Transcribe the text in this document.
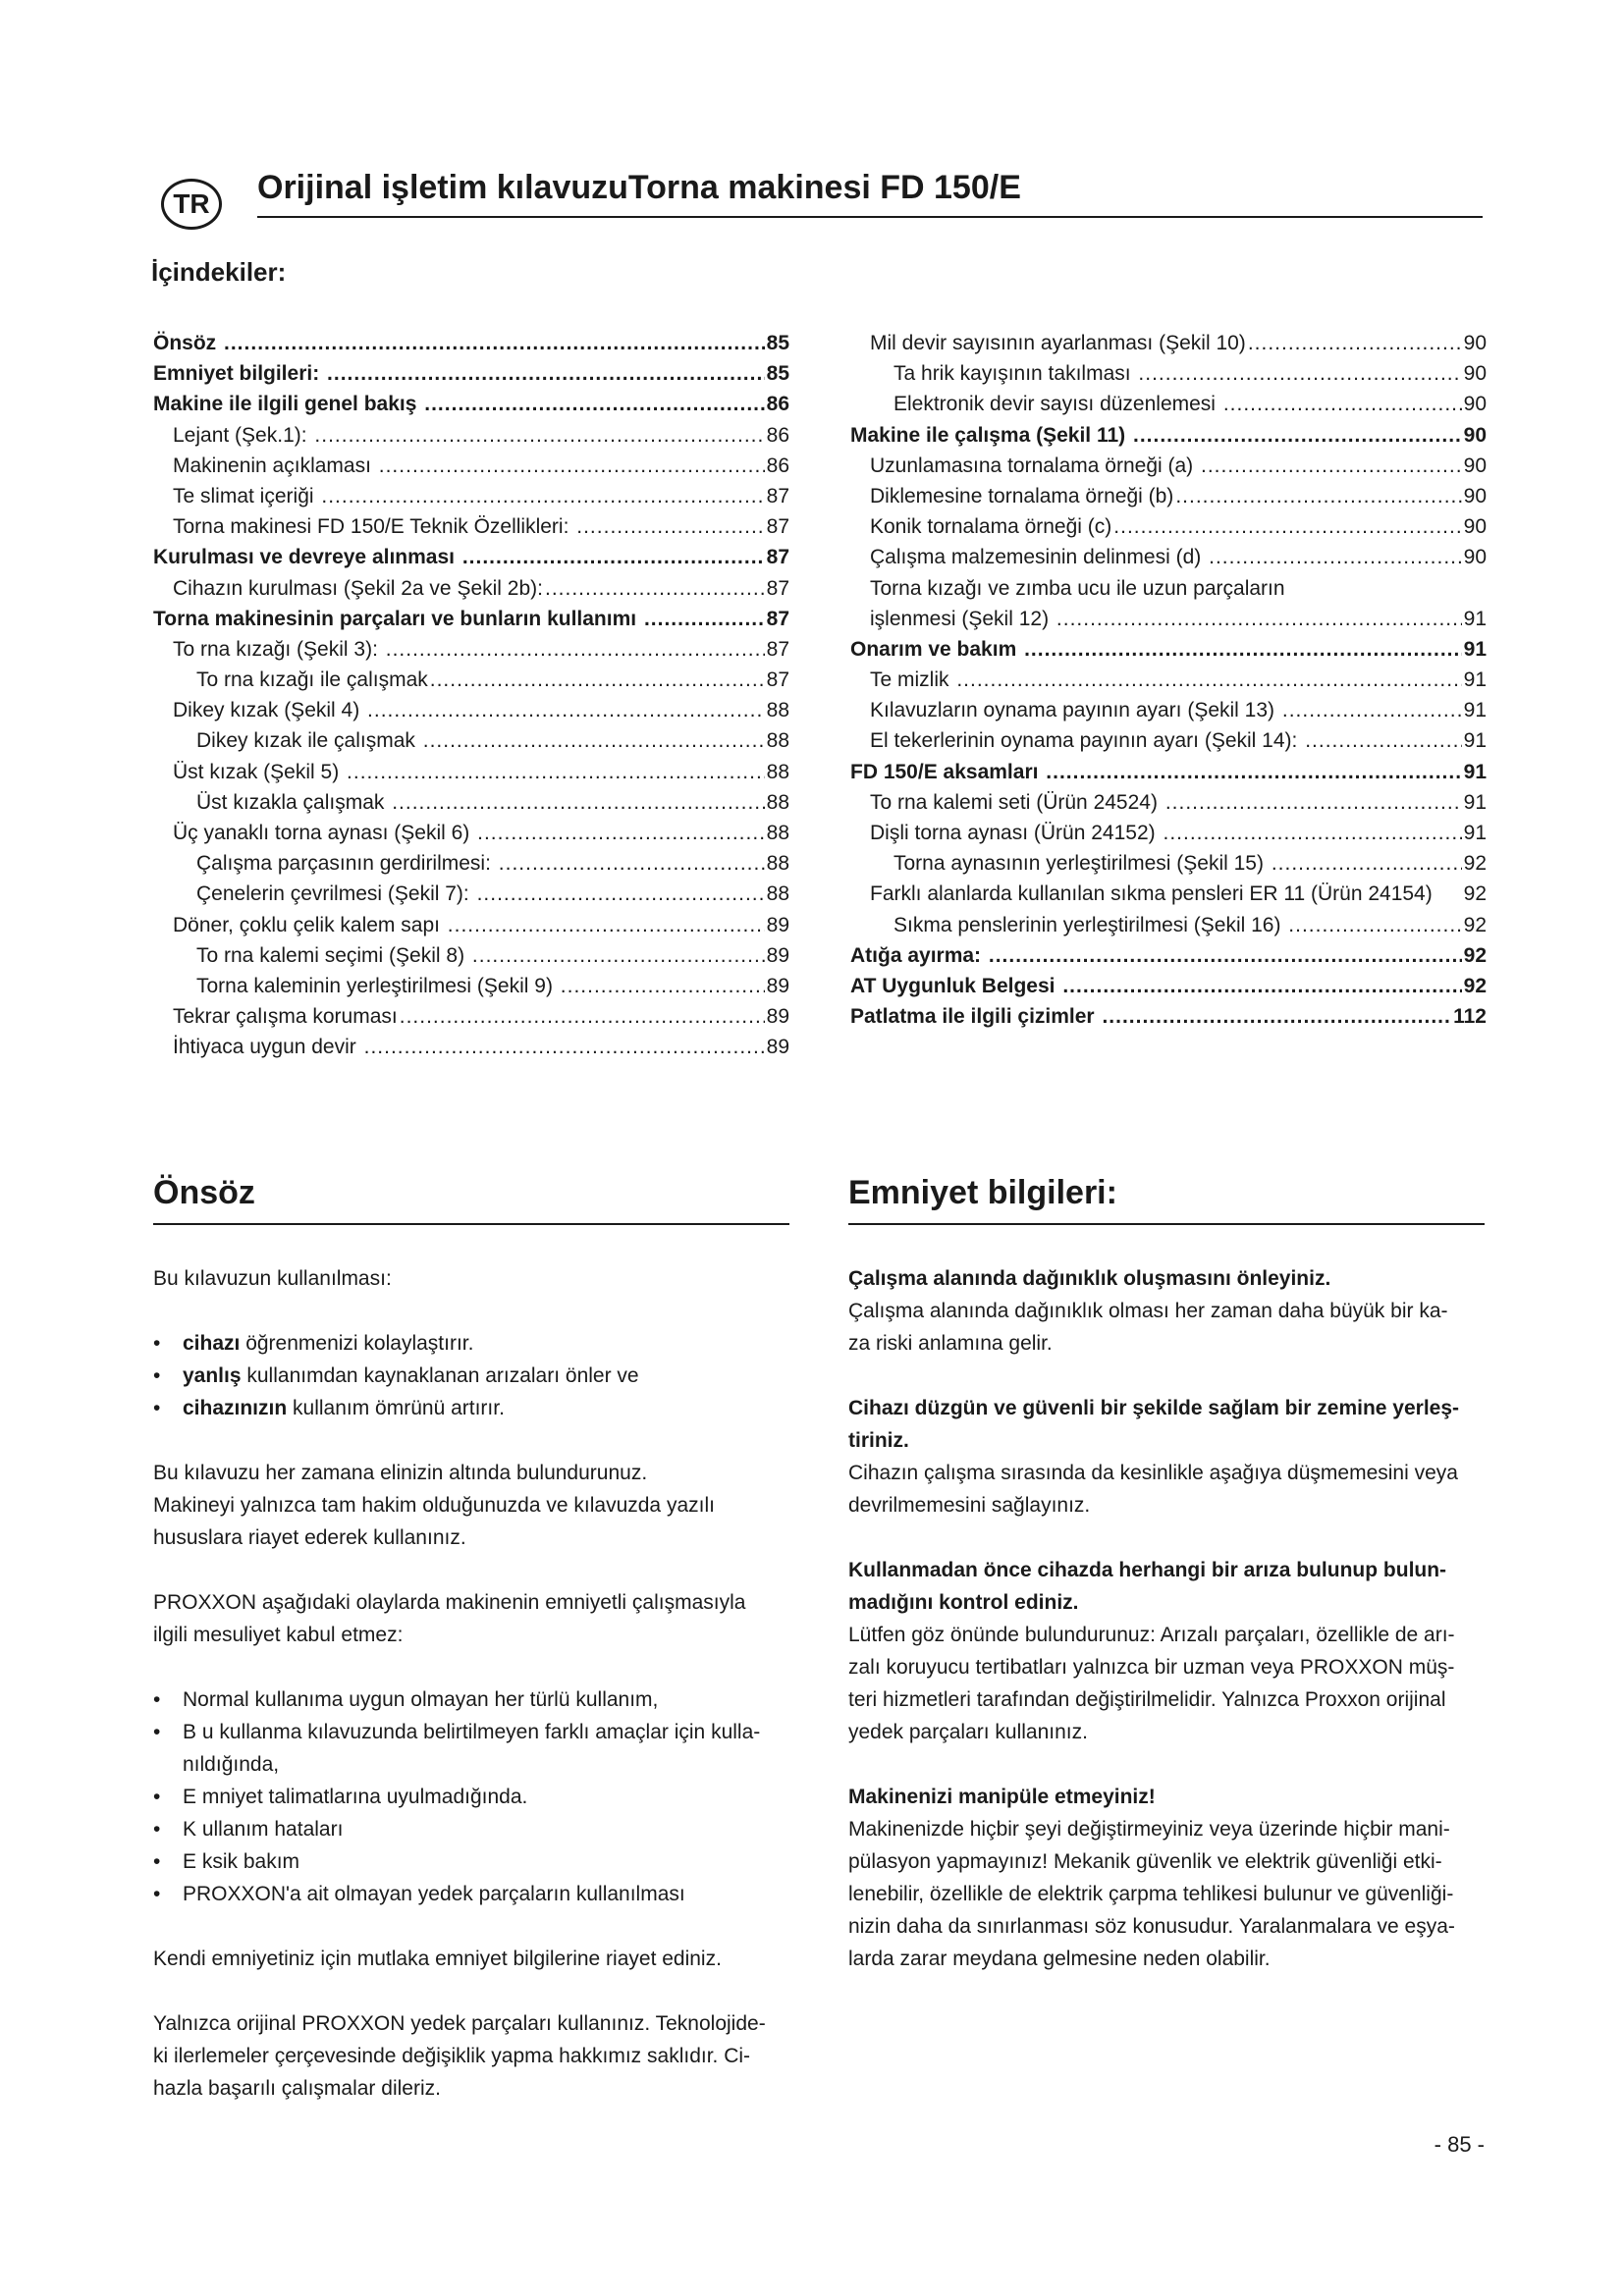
TR	Orijinal işletim kılavuzuTorna makinesi FD 150/E
İçindekiler:
Önsöz .....	85
Emniyet bilgileri: .....	85
Makine ile ilgili genel bakış .....	86
Lejant (Şek.1): .....	86
Makinenin açıklaması .....	86
Te slimat içeriği .....	87
Torna makinesi FD 150/E Teknik Özellikleri: .....	87
Kurulması ve devreye alınması .....	87
Cihazın kurulması (Şekil 2a ve Şekil 2b): .....	87
Torna makinesinin parçaları ve bunların kullanımı .....	87
To rna kızağı (Şekil 3): .....	87
To rna kızağı ile çalışmak .....	87
Dikey kızak (Şekil 4) .....	88
Dikey kızak ile çalışmak .....	88
Üst kızak (Şekil 5) .....	88
Üst kızakla çalışmak .....	88
Üç yanaklı torna aynası (Şekil 6) .....	88
Çalışma parçasının gerdirilmesi: .....	88
Çenelerin çevrilmesi (Şekil 7): .....	88
Döner, çoklu çelik kalem sapı .....	89
To rna kalemi seçimi (Şekil 8) .....	89
Torna kaleminin yerleştirilmesi (Şekil 9) .....	89
Tekrar çalışma koruması .....	89
İhtiyaca uygun devir .....	89
Mil devir sayısının ayarlanması (Şekil 10) .....	90
Ta hrik kayışının takılması .....	90
Elektronik devir sayısı düzenlemesi .....	90
Makine ile çalışma (Şekil 11) .....	90
Uzunlamasına tornalama örneği (a) .....	90
Diklemesine tornalama örneği (b) .....	90
Konik tornalama örneği (c) .....	90
Çalışma malzemesinin delinmesi (d) .....	90
Torna kızağı ve zımba ucu ile uzun parçaların
işlenmesi (Şekil 12) .....	91
Onarım ve bakım .....	91
Te mizlik .....	91
Kılavuzların oynama payının ayarı (Şekil 13) .....	91
El tekerlerinin oynama payının ayarı (Şekil 14): .....	91
FD 150/E aksamları .....	91
To rna kalemi seti (Ürün 24524) .....	91
Dişli torna aynası (Ürün 24152) .....	91
Torna aynasının yerleştirilmesi (Şekil 15) .....	92
Farklı alanlarda kullanılan sıkma pensleri ER 11 (Ürün 24154) 92
Sıkma penslerinin yerleştirilmesi (Şekil 16) .....	92
Atığa ayırma: .....	92
AT Uygunluk Belgesi .....	92
Patlatma ile ilgili çizimler .....	112
Önsöz

Bu kılavuzun kullanılması:

• cihazı öğrenmenizi kolaylaştırır.
• yanlış kullanımdan kaynaklanan arızaları önler ve
• cihazınızın kullanım ömrünü artırır.

Bu kılavuzu her zamana elinizin altında bulundurunuz.

Makineyi yalnızca tam hakim olduğunuzda ve kılavuzda yazılı

hususlara riayet ederek kullanınız.

PROXXON aşağıdaki olaylarda makinenin emniyetli çalışmasıyla

ilgili mesuliyet kabul etmez:

• Normal kullanıma uygun olmayan her türlü kullanım,
• B u kullanma kılavuzunda belirtilmeyen farklı amaçlar için kulla-nıldığında,
• E mniyet talimatlarına uyulmadığında.
• K ullanım hataları
• E ksik bakım
• PROXXON'a ait olmayan yedek parçaların kullanılması

Kendi emniyetiniz için mutlaka emniyet bilgilerine riayet ediniz.

Yalnızca orijinal PROXXON yedek parçaları kullanınız. Teknolojide-

ki ilerlemeler çerçevesinde değişiklik yapma hakkımız saklıdır. Ci-

hazla başarılı çalışmalar dileriz.

Emniyet bilgileri:

Çalışma alanında dağınıklık oluşmasını önleyiniz.

Çalışma alanında dağınıklık olması her zaman daha büyük bir ka-

za riski anlamına gelir.

Cihazı düzgün ve güvenli bir şekilde sağlam bir zemine yerleş-

tiriniz.

Cihazın çalışma sırasında da kesinlikle aşağıya düşmemesini veya

devrilmemesini sağlayınız.

Kullanmadan önce cihazda herhangi bir arıza bulunup bulun-

madığını kontrol ediniz.

Lütfen göz önünde bulundurunuz: Arızalı parçaları, özellikle de arı-

zalı koruyucu tertibatları yalnızca bir uzman veya PROXXON müş-

teri hizmetleri tarafından değiştirilmelidir. Yalnızca Proxxon orijinal

yedek parçaları kullanınız.

Makinenizi manipüle etmeyiniz!

Makinenizde hiçbir şeyi değiştirmeyiniz veya üzerinde hiçbir mani-

pülasyon yapmayınız! Mekanik güvenlik ve elektrik güvenliği etki-

lenebilir, özellikle de elektrik çarpma tehlikesi bulunur ve güvenliği-

nizin daha da sınırlanması söz konusudur. Yaralanmalara ve eşya-

larda zarar meydana gelmesine neden olabilir.

- 85 -
